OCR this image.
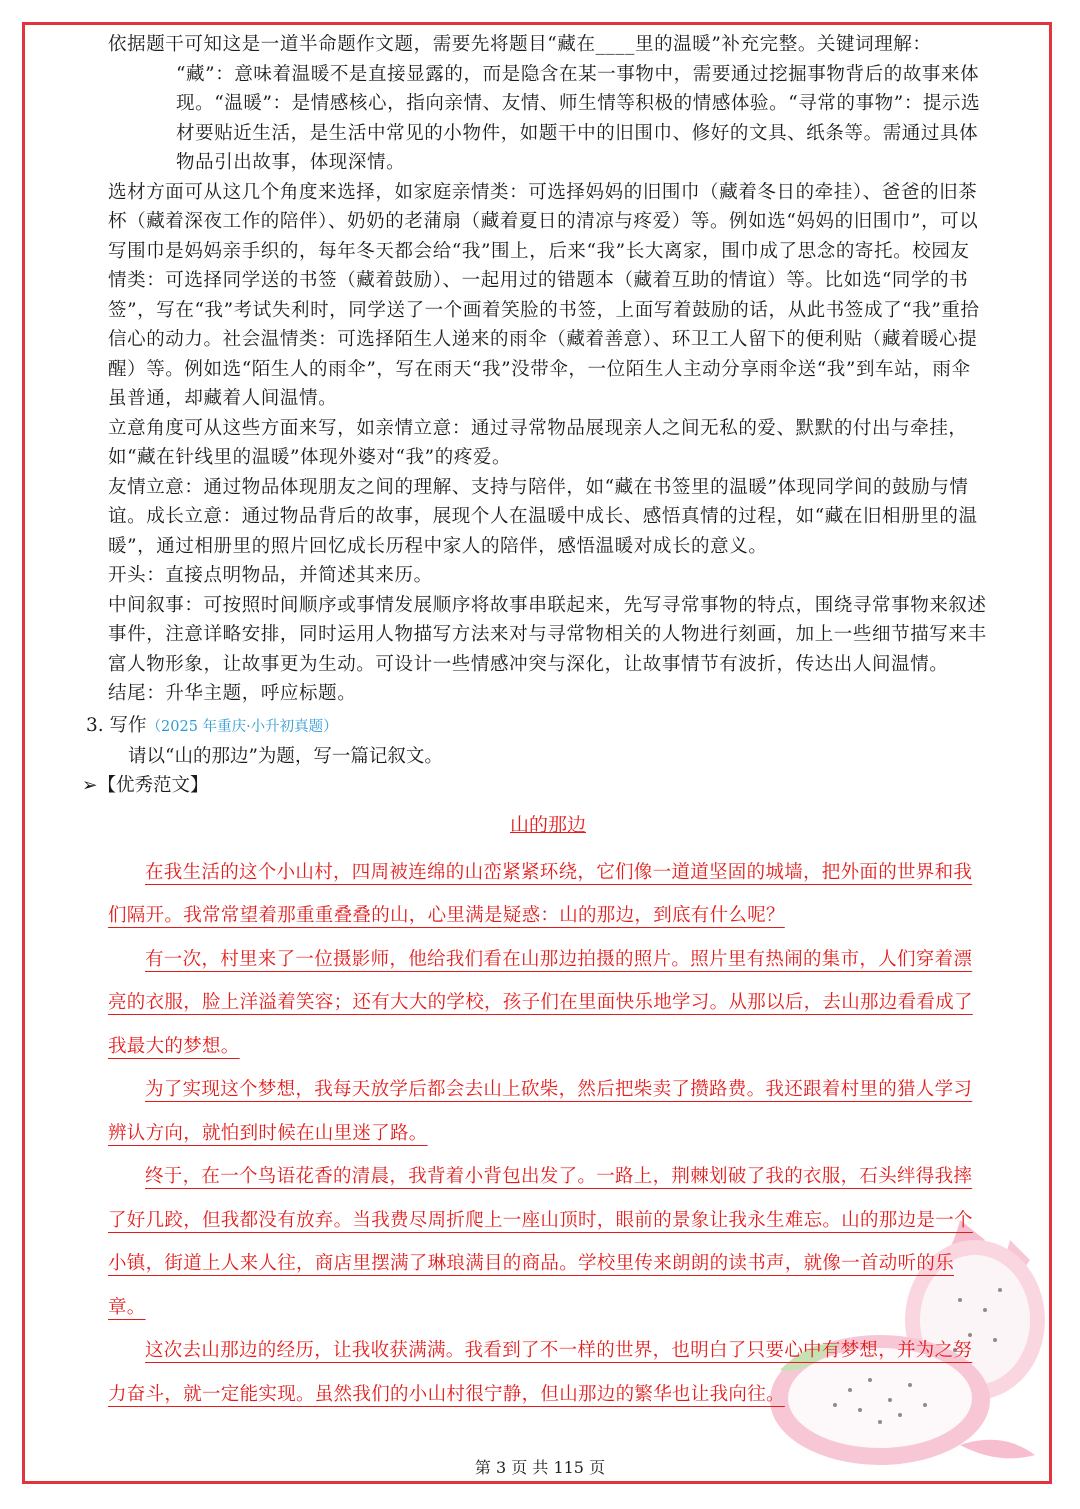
依据题干可知这是一道半命题作文题，需要先将题目“藏在____里的温暖”补充完整。关键词理解：

“藏”：意味着温暖不是直接显露的，而是隐含在某一事物中，需要通过挖掘事物背后的故事来体现。“温暖”：是情感核心，指向亲情、友情、师生情等积极的情感体验。“寻常的事物”：提示选材要贴近生活，是生活中常见的小物件，如题干中的旧围巾、修好的文具、纸条等。需通过具体物品引出故事，体现深情。

选材方面可从这几个角度来选择，如家庭亲情类：可选择妈妈的旧围巾（藏着冬日的牵挂）、爸爸的旧茶杯（藏着深夜工作的陪伴）、奶奶的老蒲扇（藏着夏日的清凉与疼爱）等。例如选“妈妈的旧围巾”，可以写围巾是妈妈亲手织的，每年冬天都会给“我”围上，后来“我”长大离家，围巾成了思念的寄托。校园友情类：可选择同学送的书签（藏着鼓励）、一起用过的错题本（藏着互助的情谊）等。比如选“同学的书签”，写在“我”考试失利时，同学送了一个画着笑脸的书签，上面写着鼓励的话，从此书签成了“我”重拾信心的动力。社会温情类：可选择陌生人递来的雨伞（藏着善意）、环卫工人留下的便利贴（藏着暖心提醒）等。例如选“陌生人的雨伞”，写在雨天“我”没带伞，一位陌生人主动分享雨伞送“我”到车站，雨伞虽普通，却藏着人间温情。

立意角度可从这些方面来写，如亲情立意：通过寻常物品展现亲人之间无私的爱、默默的付出与牵挂，如“藏在针线里的温暖”体现外婆对“我”的疼爱。

友情立意：通过物品体现朋友之间的理解、支持与陪伴，如“藏在书签里的温暖”体现同学间的鼓励与情谊。成长立意：通过物品背后的故事，展现个人在温暖中成长、感悟真情的过程，如“藏在旧相册里的温暖”，通过相册里的照片回忆成长历程中家人的陪伴，感悟温暖对成长的意义。

开头：直接点明物品，并简述其来历。

中间叙事：可按照时间顺序或事情发展顺序将故事串联起来，先写寻常事物的特点，围绕寻常事物来叙述事件，注意详略安排，同时运用人物描写方法来对与寻常物相关的人物进行刻画，加上一些细节描写来丰富人物形象，让故事更为生动。可设计一些情感冲突与深化，让故事情节有波折，传达出人间温情。

结尾：升华主题，呼应标题。

3. 写作（2025 年重庆·小升初真题）

请以“山的那边”为题，写一篇记叙文。

➢【优秀范文】

山的那边

在我生活的这个小山村，四周被连绵的山峦紧紧环绕，它们像一道道坚固的城墙，把外面的世界和我们隔开。我常常望着那重重叠叠的山，心里满是疑惑：山的那边，到底有什么呢？

有一次，村里来了一位摄影师，他给我们看在山那边拍摄的照片。照片里有热闹的集市，人们穿着漂亮的衣服，脸上洋溢着笑容；还有大大的学校，孩子们在里面快乐地学习。从那以后，去山那边看看成了我最大的梦想。

为了实现这个梦想，我每天放学后都会去山上砍柴，然后把柴卖了攒路费。我还跟着村里的猎人学习辨认方向，就怕到时候在山里迷了路。

终于，在一个鸟语花香的清晨，我背着小背包出发了。一路上，荆棘划破了我的衣服，石头绊得我摔了好几跤，但我都没有放弃。当我费尽周折爬上一座山顶时，眼前的景象让我永生难忘。山的那边是一个小镇，街道上人来人往，商店里摆满了琳琅满目的商品。学校里传来朗朗的读书声，就像一首动听的乐章。

这次去山那边的经历，让我收获满满。我看到了不一样的世界，也明白了只要心中有梦想，并为之努力奋斗，就一定能实现。虽然我们的小山村很宁静，但山那边的繁华也让我向往。

第 3 页 共 115 页
